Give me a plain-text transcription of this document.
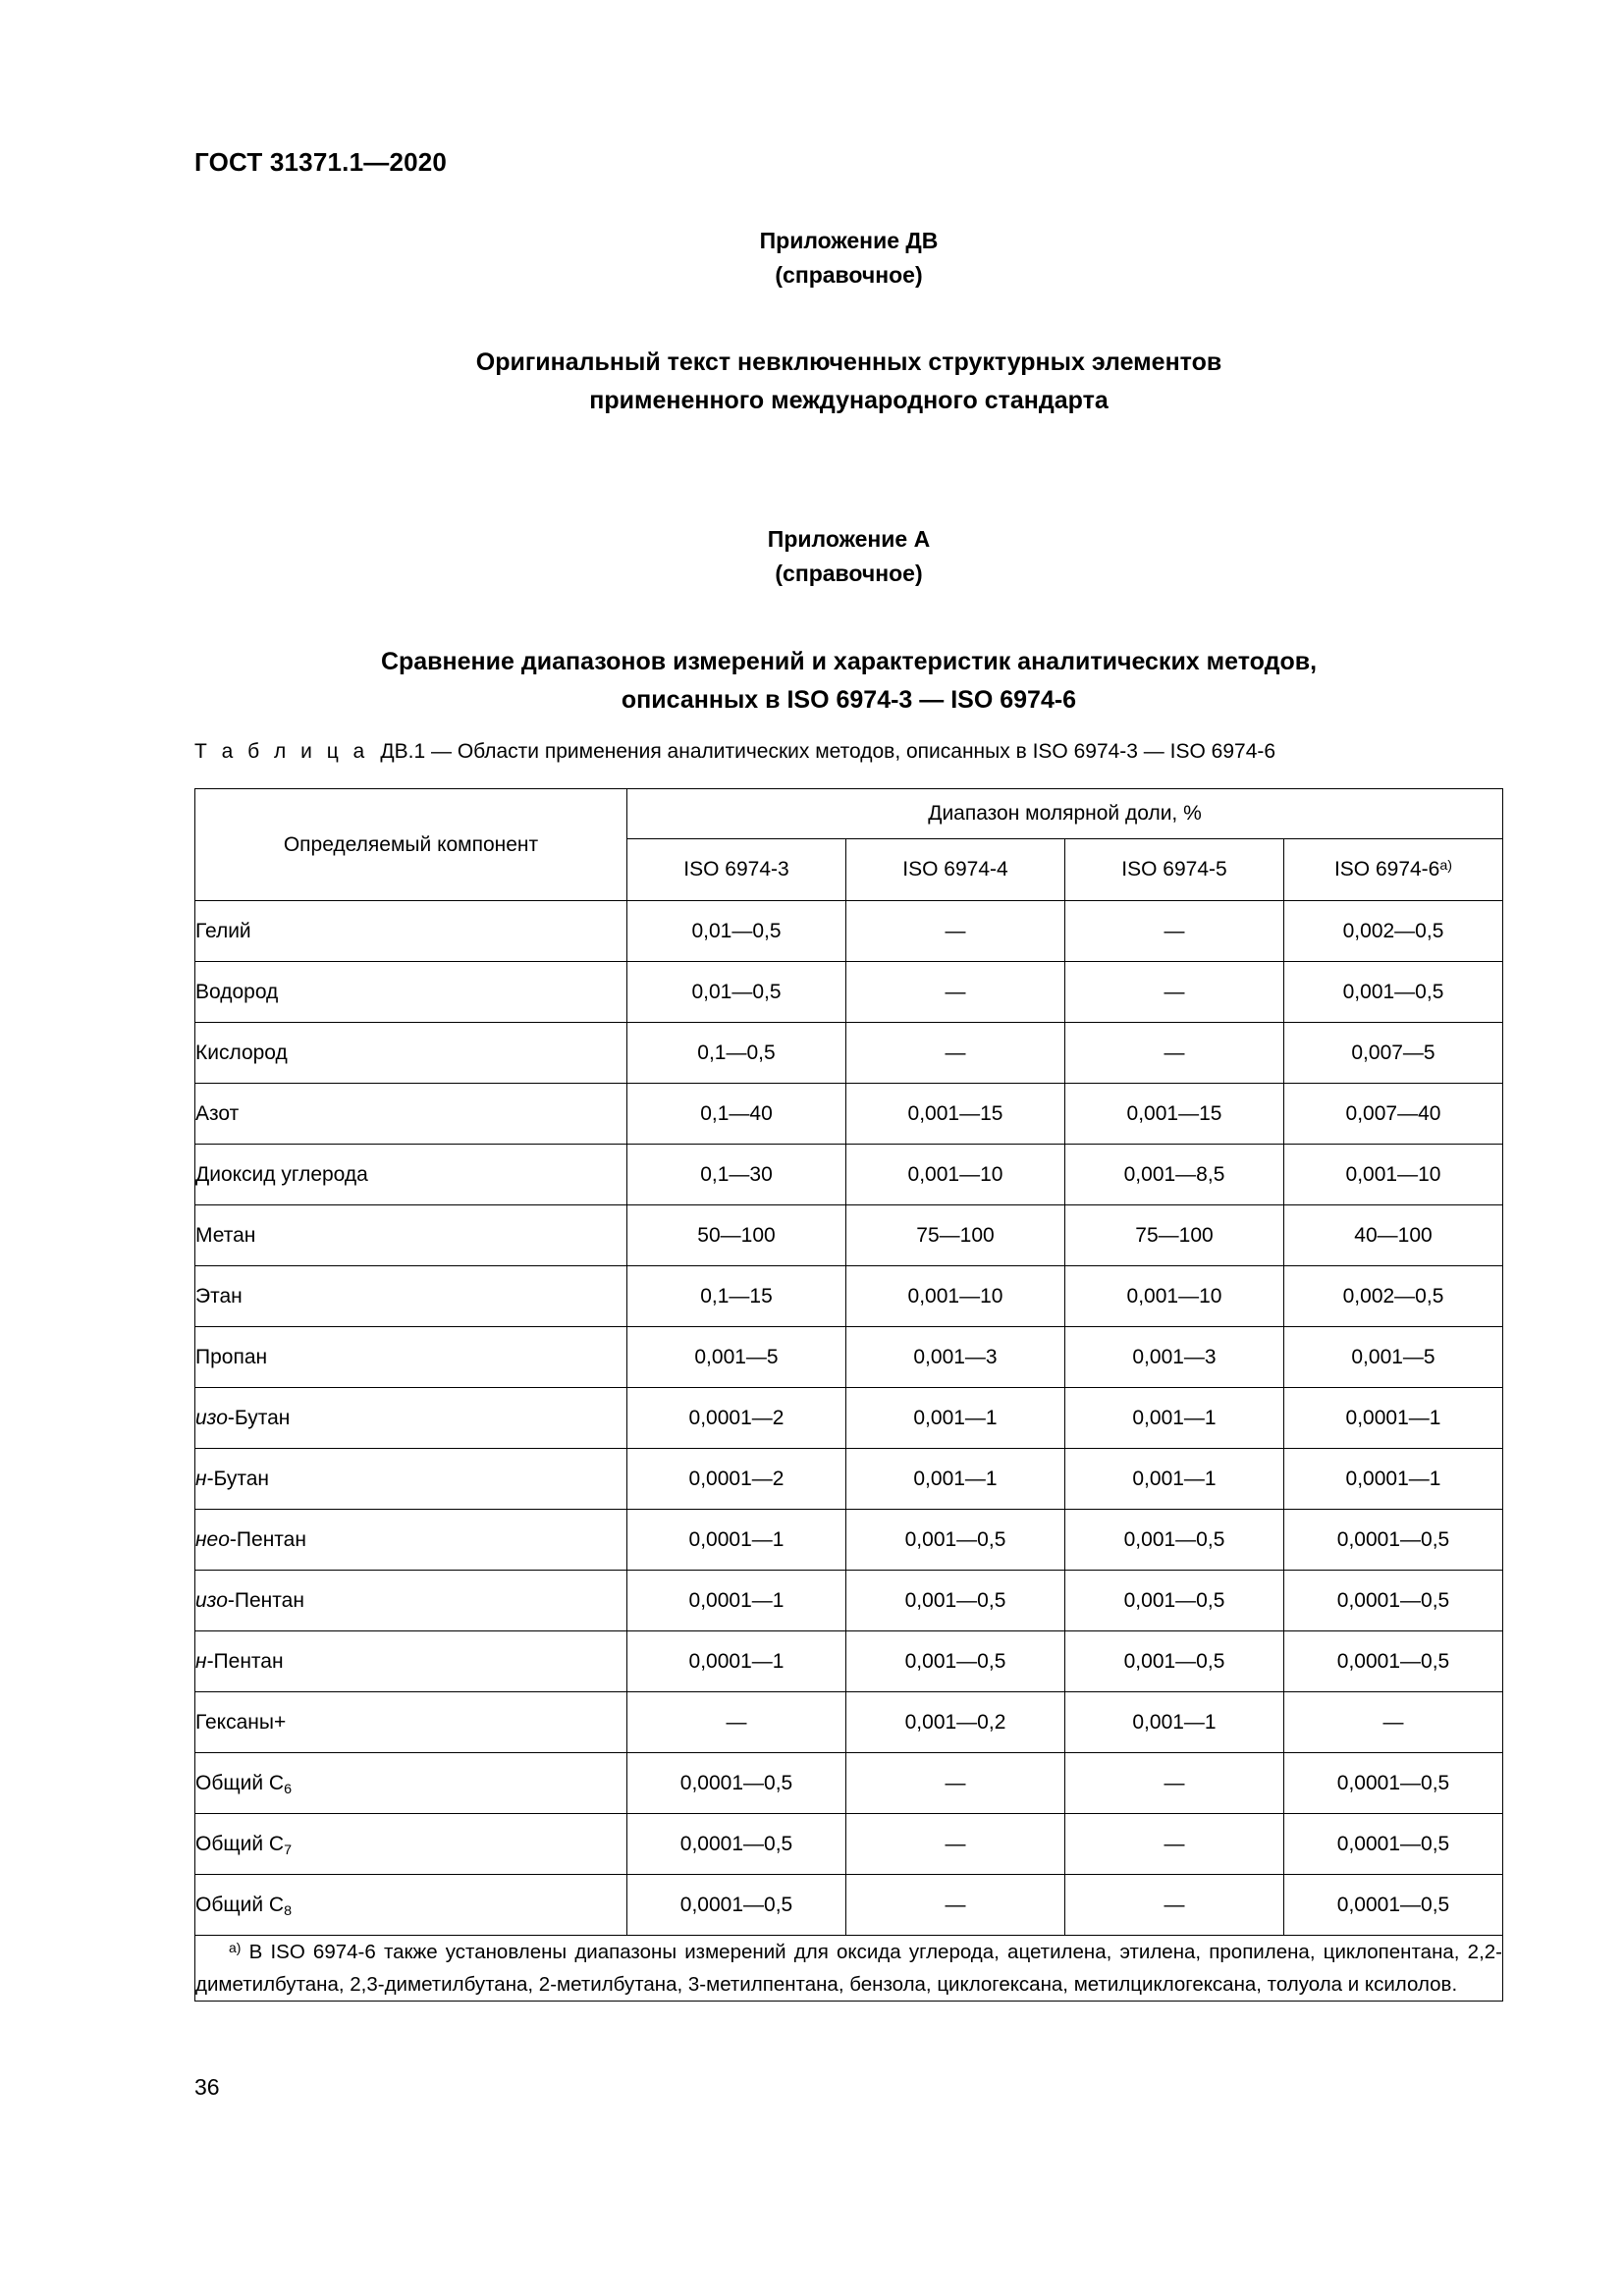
ГОСТ 31371.1—2020
Приложение ДВ
(справочное)
Оригинальный текст невключенных структурных элементов
примененного международного стандарта
Приложение А
(справочное)
Сравнение диапазонов измерений и характеристик аналитических методов,
описанных в ISO 6974-3 — ISO 6974-6
Т а б л и ц а ДВ.1 — Области применения аналитических методов, описанных в ISO 6974-3 — ISO 6974-6
Определяемый компонент	Диапазон молярной доли, %			
	ISO 6974-3	ISO 6974-4	ISO 6974-5	ISO $6974-6^{а)}$
Гелий	0,01—0,5	—	—	0,002—0,5
Водород	0,01—0,5	—	—	0,001—0,5
Кислород	0,1—0,5	—	—	0,007—5
Азот	0,1—40	0,001—15	0,001—15	0,007—40
Диоксид углерода	0,1—30	0,001—10	0,001—8,5	0,001—10
Метан	50—100	75—100	75—100	40—100
Этан	0,1—15	0,001—10	0,001—10	0,002—0,5
Пропан	0,001—5	0,001—3	0,001—3	0,001—5
изо-Бутан	0,0001—2	0,001—1	0,001—1	0,0001—1
н-Бутан	0,0001—2	0,001—1	0,001—1	0,0001—1
нео-Пентан	0,0001—1	0,001—0,5	0,001—0,5	0,0001—0,5
изо-Пентан	0,0001—1	0,001—0,5	0,001—0,5	0,0001—0,5
н-Пентан	0,0001—1	0,001—0,5	0,001—0,5	0,0001—0,5
Гексаны+	—	0,001—0,2	0,001—1	—
Общий $C_6$	0,0001—0,5	—	—	0,0001—0,5
Общий $C_7$	0,0001—0,5	—	—	0,0001—0,5
Общий $C_8$	0,0001—0,5	—	—	0,0001—0,5
$^{а)}$ В ISO 6974-6 также установлены диапазоны измерений для оксида углерода, ацетилена, этилена, пропилена, циклопентана, 2,2-диметилбутана, 2,3-диметилбутана, 2-метилбутана, 3-метилпентана, бензола, циклогексана, метилциклогексана, толуола и ксилолов.				
36
